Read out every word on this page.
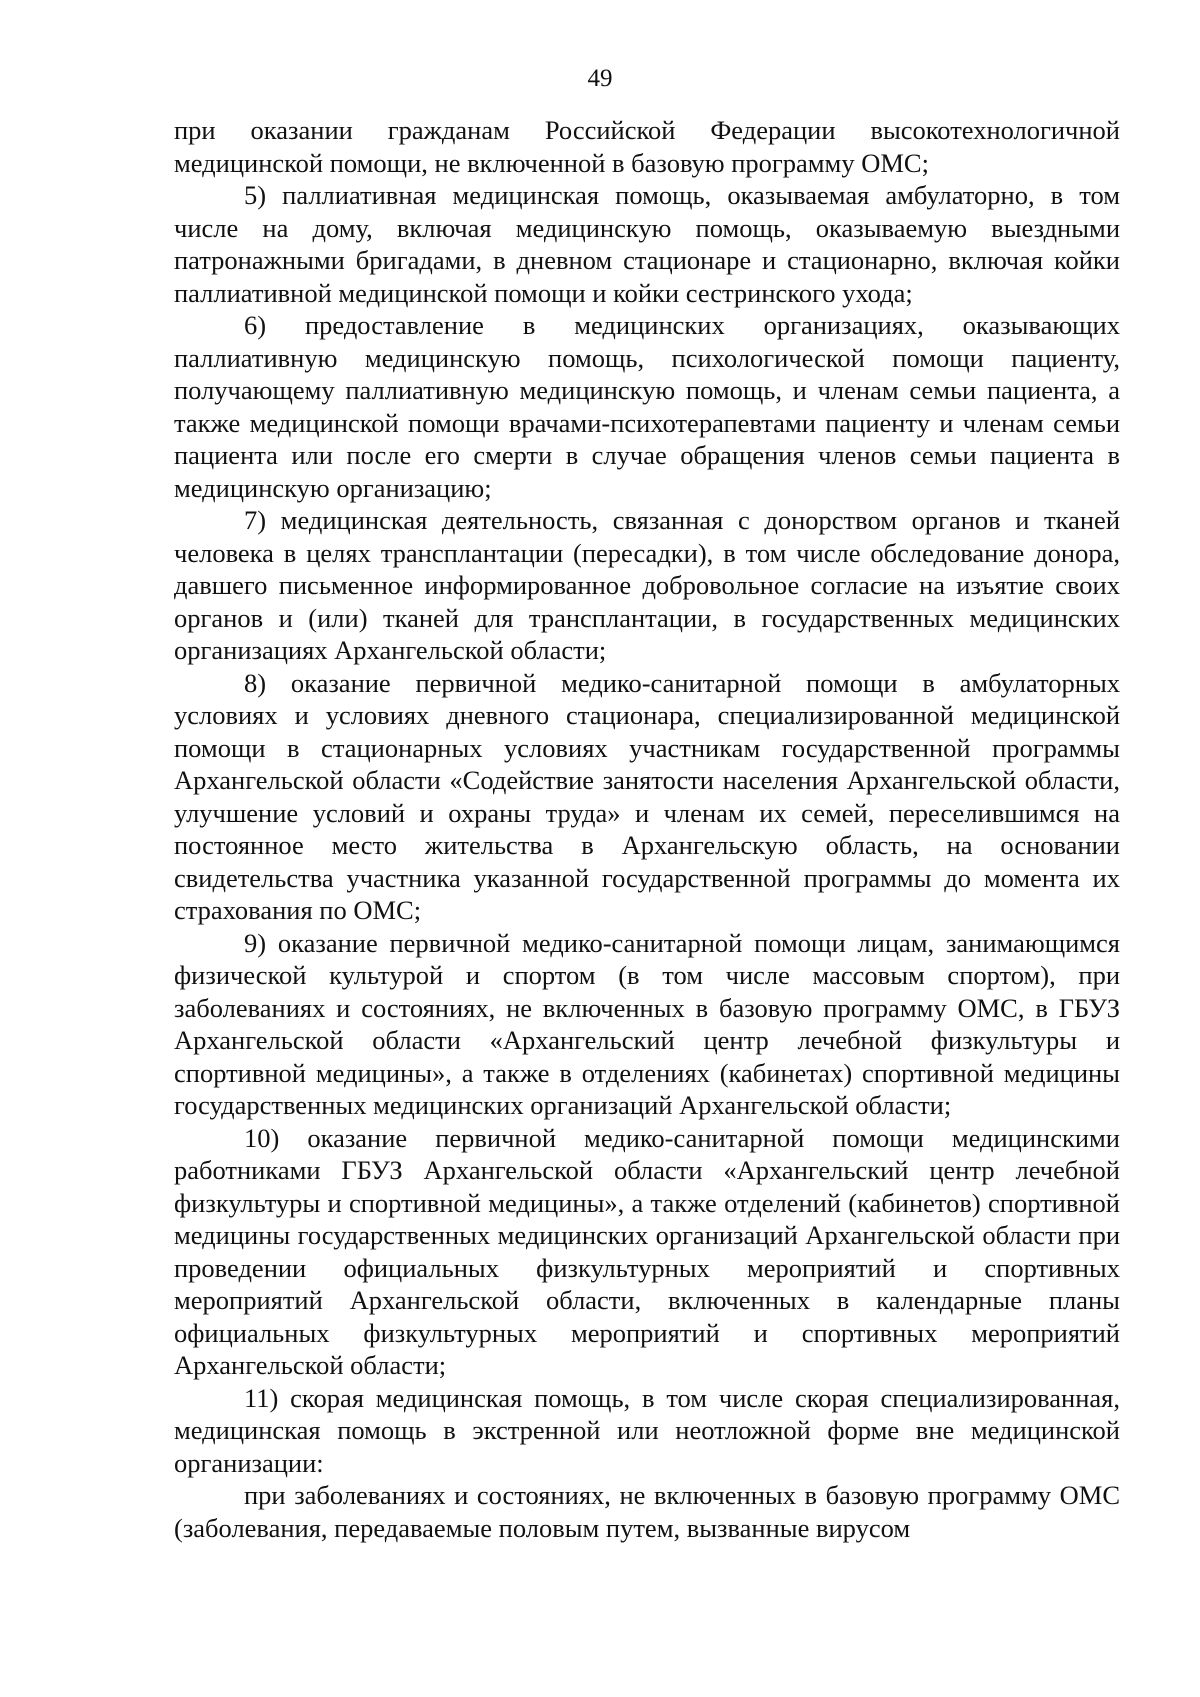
49

при оказании гражданам Российской Федерации высокотехнологичной медицинской помощи, не включенной в базовую программу ОМС;

5) паллиативная медицинская помощь, оказываемая амбулаторно, в том числе на дому, включая медицинскую помощь, оказываемую выездными патронажными бригадами, в дневном стационаре и стационарно, включая койки паллиативной медицинской помощи и койки сестринского ухода;

6) предоставление в медицинских организациях, оказывающих паллиативную медицинскую помощь, психологической помощи пациенту, получающему паллиативную медицинскую помощь, и членам семьи пациента, а также медицинской помощи врачами-психотерапевтами пациенту и членам семьи пациента или после его смерти в случае обращения членов семьи пациента в медицинскую организацию;

7) медицинская деятельность, связанная с донорством органов и тканей человека в целях трансплантации (пересадки), в том числе обследование донора, давшего письменное информированное добровольное согласие на изъятие своих органов и (или) тканей для трансплантации, в государственных медицинских организациях Архангельской области;

8) оказание первичной медико-санитарной помощи в амбулаторных условиях и условиях дневного стационара, специализированной медицинской помощи в стационарных условиях участникам государственной программы Архангельской области «Содействие занятости населения Архангельской области, улучшение условий и охраны труда» и членам их семей, переселившимся на постоянное место жительства в Архангельскую область, на основании свидетельства участника указанной государственной программы до момента их страхования по ОМС;

9) оказание первичной медико-санитарной помощи лицам, занимающимся физической культурой и спортом (в том числе массовым спортом), при заболеваниях и состояниях, не включенных в базовую программу ОМС, в ГБУЗ Архангельской области «Архангельский центр лечебной физкультуры и спортивной медицины», а также в отделениях (кабинетах) спортивной медицины государственных медицинских организаций Архангельской области;

10) оказание первичной медико-санитарной помощи медицинскими работниками ГБУЗ Архангельской области «Архангельский центр лечебной физкультуры и спортивной медицины», а также отделений (кабинетов) спортивной медицины государственных медицинских организаций Архангельской области при проведении официальных физкультурных мероприятий и спортивных мероприятий Архангельской области, включенных в календарные планы официальных физкультурных мероприятий и спортивных мероприятий Архангельской области;

11) скорая медицинская помощь, в том числе скорая специализированная, медицинская помощь в экстренной или неотложной форме вне медицинской организации:

при заболеваниях и состояниях, не включенных в базовую программу ОМС (заболевания, передаваемые половым путем, вызванные вирусом
